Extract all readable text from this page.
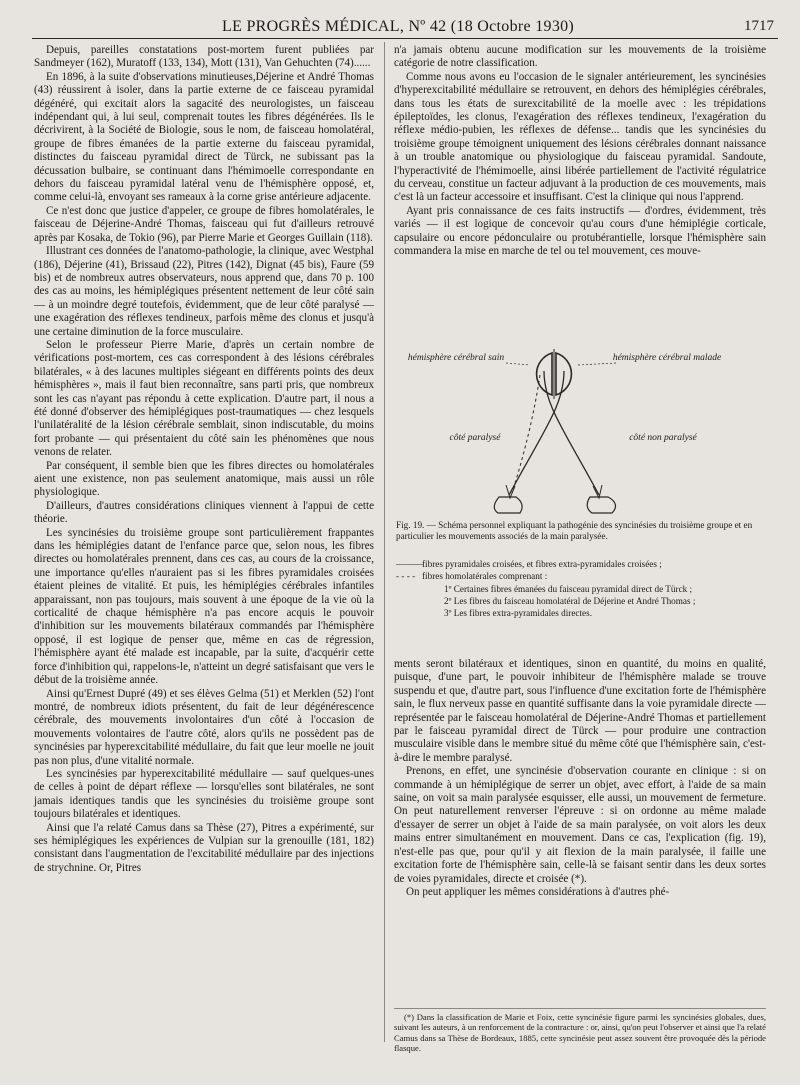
LE PROGRÈS MÉDICAL, Nº 42 (18 Octobre 1930)	1717

Depuis, pareilles constatations post-mortem furent publiées par Sandmeyer (162), Muratoff (133, 134), Mott (131), Van Gehuchten (74)......

En 1896, à la suite d'observations minutieuses,Déjerine et André Thomas (43) réussirent à isoler, dans la partie externe de ce faisceau pyramidal dégénéré, qui excitait alors la sagacité des neurologistes, un faisceau indépendant qui, à lui seul, comprenait toutes les fibres dégénérées. Ils le décrivirent, à la Société de Biologie, sous le nom, de faisceau homolatéral, groupe de fibres émanées de la partie externe du faisceau pyramidal, distinctes du faisceau pyramidal direct de Türck, ne subissant pas la décussation bulbaire, se continuant dans l'hémimoelle correspondante en dehors du faisceau pyramidal latéral venu de l'hémisphère opposé, et, comme celui-là, envoyant ses rameaux à la corne grise antérieure adjacente.

Ce n'est donc que justice d'appeler, ce groupe de fibres homolatérales, le faisceau de Déjerine-André Thomas, faisceau qui fut d'ailleurs retrouvé après par Kosaka, de Tokio (96), par Pierre Marie et Georges Guillain (118).

Illustrant ces données de l'anatomo-pathologie, la clinique, avec Westphal (186), Déjerine (41), Brissaud (22), Pitres (142), Dignat (45 bis), Faure (59 bis) et de nombreux autres observateurs, nous apprend que, dans 70 p. 100 des cas au moins, les hémiplégiques présentent nettement de leur côté sain — à un moindre degré toutefois, évidemment, que de leur côté paralysé — une exagération des réflexes tendineux, parfois même des clonus et jusqu'à une certaine diminution de la force musculaire.

Selon le professeur Pierre Marie, d'après un certain nombre de vérifications post-mortem, ces cas correspondent à des lésions cérébrales bilatérales, « à des lacunes multiples siégeant en différents points des deux hémisphères », mais il faut bien reconnaître, sans parti pris, que nombreux sont les cas n'ayant pas répondu à cette explication. D'autre part, il nous a été donné d'observer des hémiplégiques post-traumatiques — chez lesquels l'unilatéralité de la lésion cérébrale semblait, sinon indiscutable, du moins fort probante — qui présentaient du côté sain les phénomènes que nous venons de relater.

Par conséquent, il semble bien que les fibres directes ou homolatérales aient une existence, non pas seulement anatomique, mais aussi un rôle physiologique.

D'ailleurs, d'autres considérations cliniques viennent à l'appui de cette théorie.

Les syncinésies du troisième groupe sont particulièrement frappantes dans les hémiplégies datant de l'enfance parce que, selon nous, les fibres directes ou homolatérales prennent, dans ces cas, au cours de la croissance, une importance qu'elles n'auraient pas si les fibres pyramidales croisées étaient pleines de vitalité. Et puis, les hémiplégies cérébrales infantiles apparaissant, non pas toujours, mais souvent à une époque de la vie où la corticalité de chaque hémisphère n'a pas encore acquis le pouvoir d'inhibition sur les mouvements bilatéraux commandés par l'hémisphère opposé, il est logique de penser que, même en cas de régression, l'hémisphère ayant été malade est incapable, par la suite, d'acquérir cette force d'inhibition qui, rappelons-le, n'atteint un degré satisfaisant que vers le début de la troisième année.

Ainsi qu'Ernest Dupré (49) et ses élèves Gelma (51) et Merklen (52) l'ont montré, de nombreux idiots présentent, du fait de leur dégénérescence cérébrale, des mouvements involontaires d'un côté à l'occasion de mouvements volontaires de l'autre côté, alors qu'ils ne possèdent pas de syncinésies par hyperexcitabilité médullaire, du fait que leur moelle ne jouit pas non plus, d'une vitalité normale.

Les syncinésies par hyperexcitabilité médullaire — sauf quelques-unes de celles à point de départ réflexe — lorsqu'elles sont bilatérales, ne sont jamais identiques tandis que les syncinésies du troisième groupe sont toujours bilatérales et identiques.

Ainsi que l'a relaté Camus dans sa Thèse (27), Pitres a expérimenté, sur ses hémiplégiques les expériences de Vulpian sur la grenouille (181, 182) consistant dans l'augmentation de l'excitabilité médullaire par des injections de strychnine. Or, Pitres

n'a jamais obtenu aucune modification sur les mouvements de la troisième catégorie de notre classification.

Comme nous avons eu l'occasion de le signaler antérieurement, les syncinésies d'hyperexcitabilité médullaire se retrouvent, en dehors des hémiplégies cérébrales, dans tous les états de surexcitabilité de la moelle avec : les trépidations épileptoïdes, les clonus, l'exagération des réflexes tendineux, l'exagération du réflexe médio-pubien, les réflexes de défense... tandis que les syncinésies du troisième groupe témoignent uniquement des lésions cérébrales donnant naissance à un trouble anatomique ou physiologique du faisceau pyramidal. Sandoute, l'hyperactivité de l'hémimoelle, ainsi libérée partiellement de l'activité régulatrice du cerveau, constitue un facteur adjuvant à la production de ces mouvements, mais c'est là un facteur accessoire et insuffisant. C'est la clinique qui nous l'apprend.

Ayant pris connaissance de ces faits instructifs — d'ordres, évidemment, très variés — il est logique de concevoir qu'au cours d'une hémiplégie corticale, capsulaire ou encore pédonculaire ou protubérantielle, lorsque l'hémisphère sain commandera la mise en marche de tel ou tel mouvement, ces mouve-

hémisphère cérébral sain	hémisphère cérébral malade
côté paralysé	côté non paralysé
Fig. 19. — Schéma personnel expliquant la pathogénie des syncinésies du troisième groupe et en particulier les mouvements associés de la main paralysée.
———
fibres pyramidales croisées, et fibres extra-pyramidales croisées ;
- - - - fibres homolatérales comprenant :
1º Certaines fibres émanées du faisceau pyramidal direct de Türck ;
2º Les fibres du faisceau homolatéral de Déjerine et André Thomas ;
3º Les fibres extra-pyramidales directes.

ments seront bilatéraux et identiques, sinon en quantité, du moins en qualité, puisque, d'une part, le pouvoir inhibiteur de l'hémisphère malade se trouve suspendu et que, d'autre part, sous l'influence d'une excitation forte de l'hémisphère sain, le flux nerveux passe en quantité suffisante dans la voie pyramidale directe — représentée par le faisceau homolatéral de Déjerine-André Thomas et partiellement par le faisceau pyramidal direct de Türck — pour produire une contraction musculaire visible dans le membre situé du même côté que l'hémisphère sain, c'est-à-dire le membre paralysé.

Prenons, en effet, une syncinésie d'observation courante en clinique : si on commande à un hémiplégique de serrer un objet, avec effort, à l'aide de sa main saine, on voit sa main paralysée esquisser, elle aussi, un mouvement de fermeture. On peut naturellement renverser l'épreuve : si on ordonne au même malade d'essayer de serrer un objet à l'aide de sa main paralysée, on voit alors les deux mains entrer simultanément en mouvement. Dans ce cas, l'explication (fig. 19), n'est-elle pas que, pour qu'il y ait flexion de la main paralysée, il faille une excitation forte de l'hémisphère sain, celle-là se faisant sentir dans les deux sortes de voies pyramidales, directe et croisée (*).

On peut appliquer les mêmes considérations à d'autres phé-

(*) Dans la classification de Marie et Foix, cette syncinésie figure parmi les syncinésies globales, dues, suivant les auteurs, à un renforcement de la contracture : or, ainsi, qu'on peut l'observer et ainsi que l'a relaté Camus dans sa Thèse de Bordeaux, 1885, cette syncinésie peut assez souvent être provoquée dès la période flasque.
